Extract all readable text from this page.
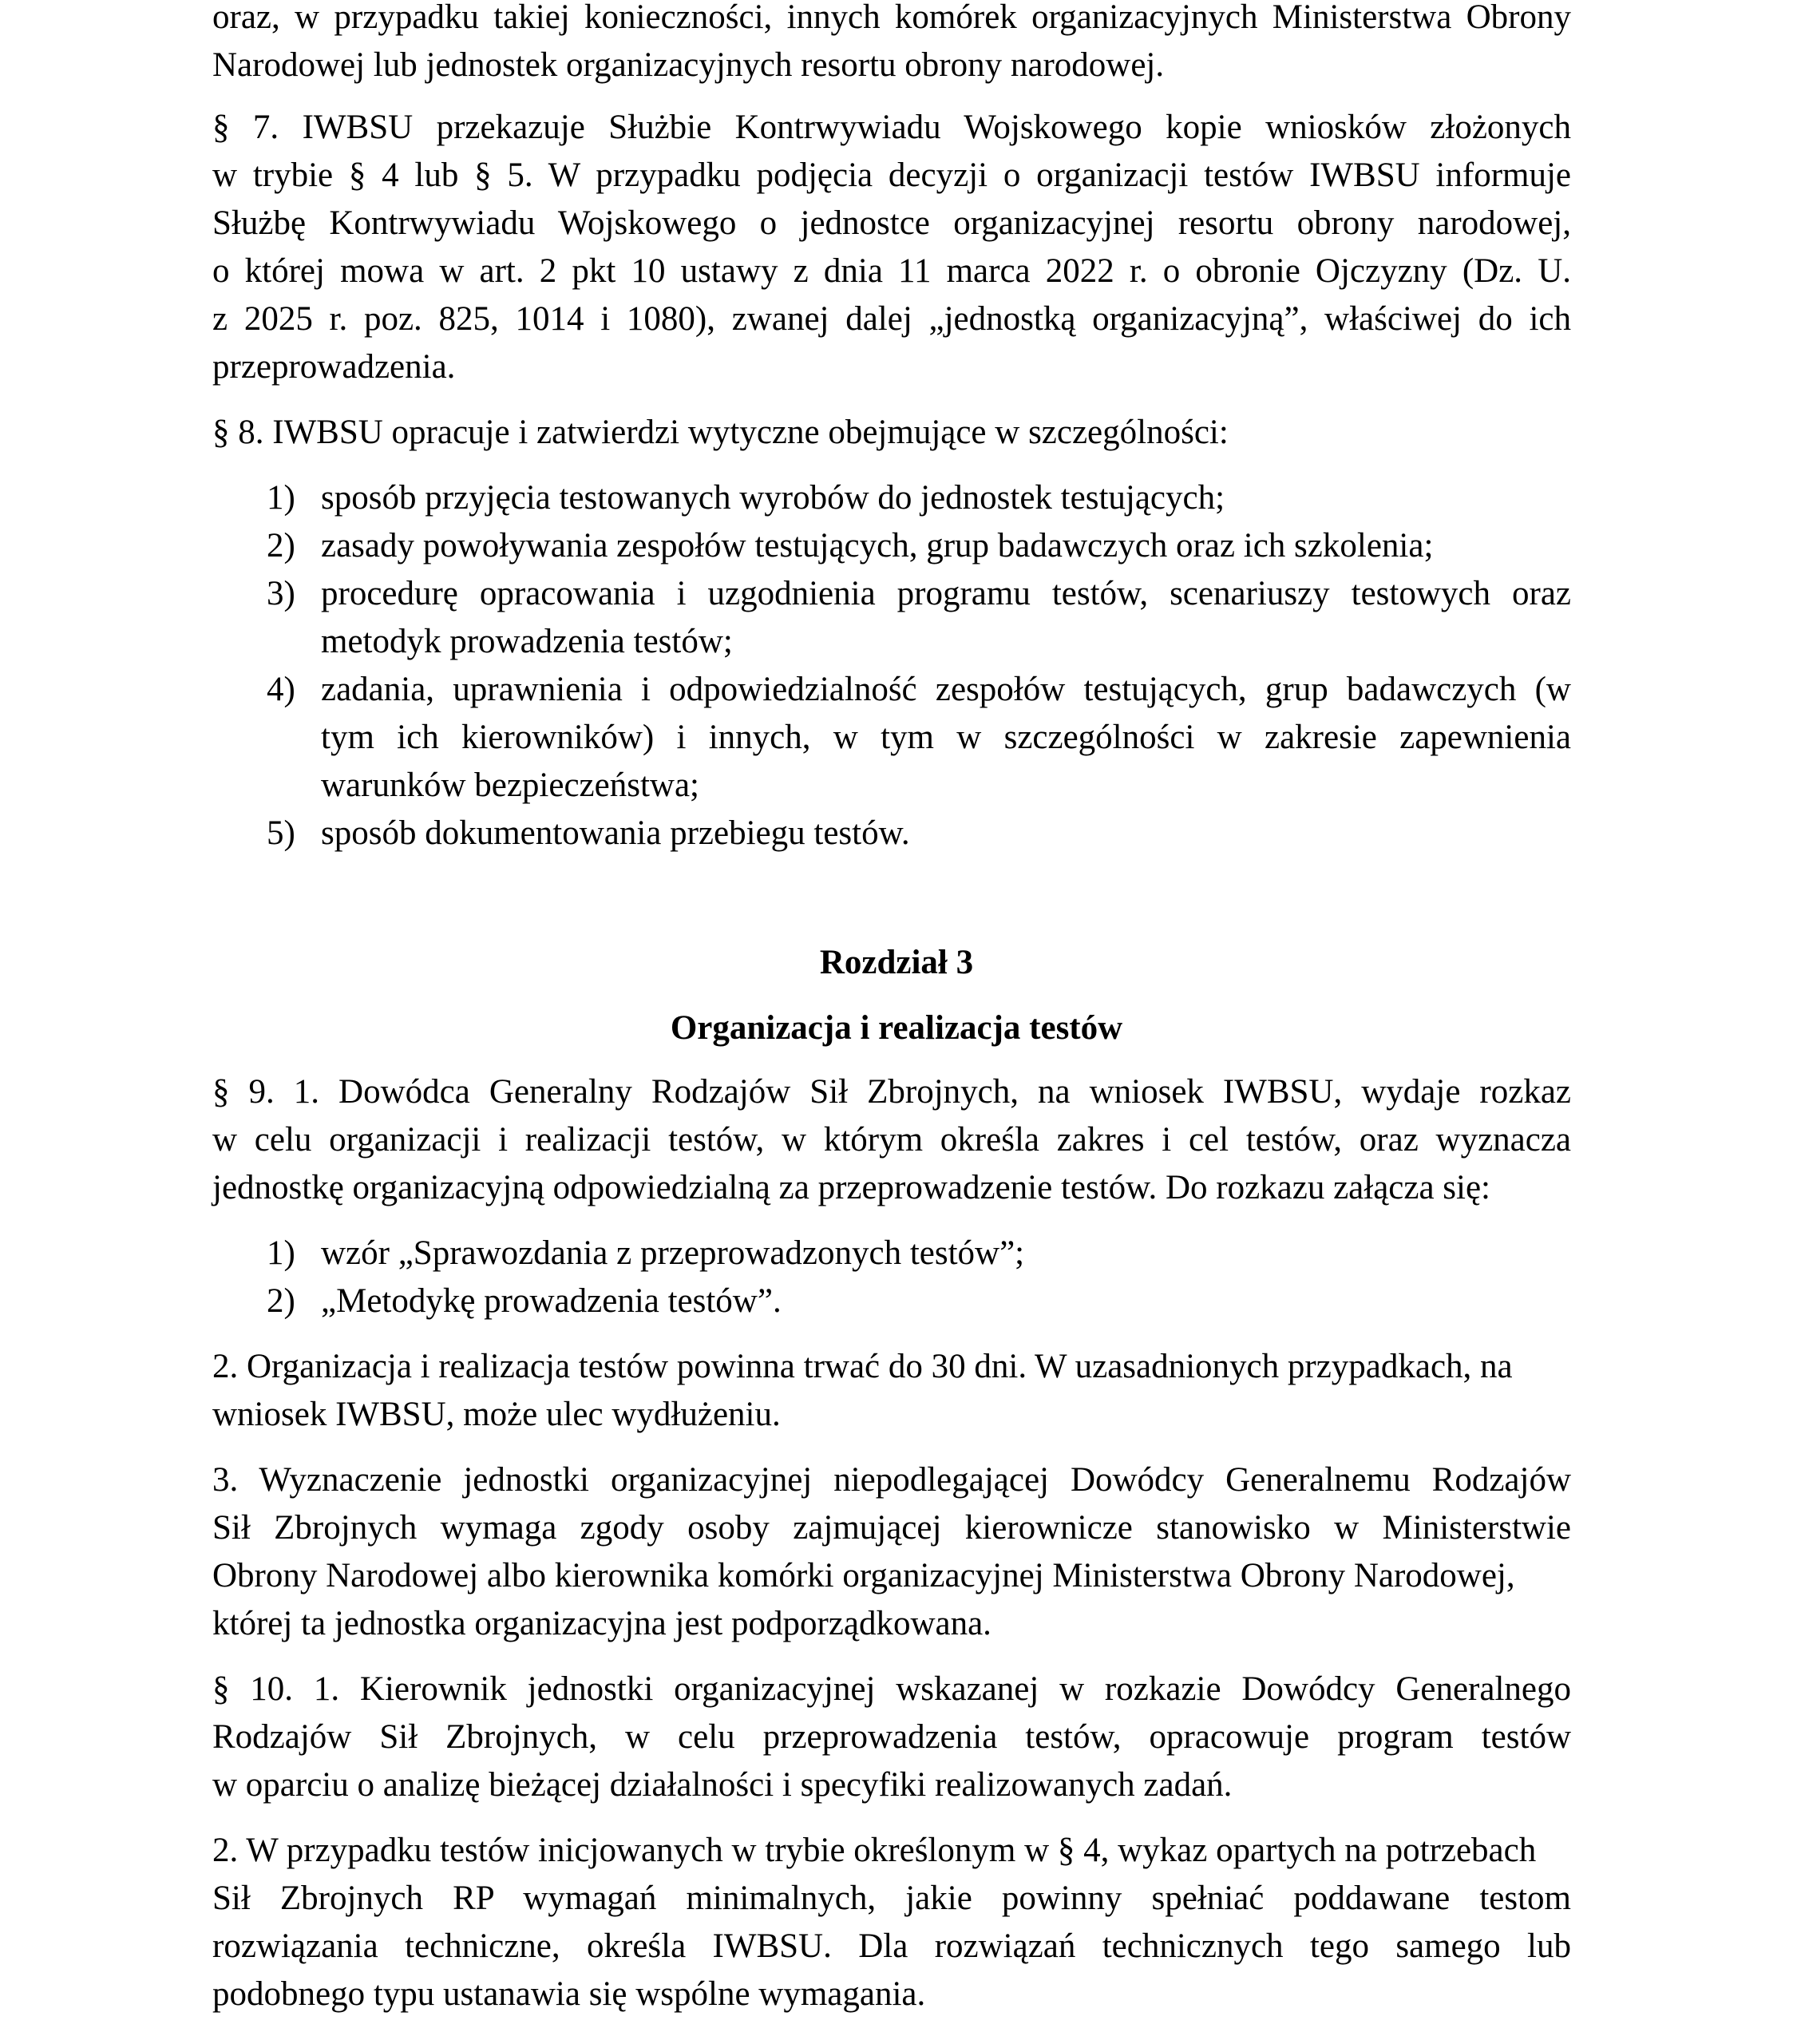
oraz, w przypadku takiej konieczności, innych komórek organizacyjnych Ministerstwa Obrony
Narodowej lub jednostek organizacyjnych resortu obrony narodowej.
§ 7. IWBSU przekazuje Służbie Kontrwywiadu Wojskowego kopie wniosków złożonych
w trybie § 4 lub § 5. W przypadku podjęcia decyzji o organizacji testów IWBSU informuje
Służbę Kontrwywiadu Wojskowego o jednostce organizacyjnej resortu obrony narodowej,
o której mowa w art. 2 pkt 10 ustawy z dnia 11 marca 2022 r. o obronie Ojczyzny (Dz. U.
z 2025 r. poz. 825, 1014 i 1080), zwanej dalej „jednostką organizacyjną”, właściwej do ich
przeprowadzenia.
§ 8. IWBSU opracuje i zatwierdzi wytyczne obejmujące w szczególności:
1) sposób przyjęcia testowanych wyrobów do jednostek testujących;
2) zasady powoływania zespołów testujących, grup badawczych oraz ich szkolenia;
3) procedurę opracowania i uzgodnienia programu testów, scenariuszy testowych oraz
metodyk prowadzenia testów;
4) zadania, uprawnienia i odpowiedzialność zespołów testujących, grup badawczych (w
tym ich kierowników) i innych, w tym w szczególności w zakresie zapewnienia
warunków bezpieczeństwa;
5) sposób dokumentowania przebiegu testów.
Rozdział 3
Organizacja i realizacja testów
§ 9. 1. Dowódca Generalny Rodzajów Sił Zbrojnych, na wniosek IWBSU, wydaje rozkaz
w celu organizacji i realizacji testów, w którym określa zakres i cel testów, oraz wyznacza
jednostkę organizacyjną odpowiedzialną za przeprowadzenie testów. Do rozkazu załącza się:
1) wzór „Sprawozdania z przeprowadzonych testów”;
2) „Metodykę prowadzenia testów”.
2. Organizacja i realizacja testów powinna trwać do 30 dni. W uzasadnionych przypadkach, na
wniosek IWBSU, może ulec wydłużeniu.
3. Wyznaczenie jednostki organizacyjnej niepodlegającej Dowódcy Generalnemu Rodzajów
Sił Zbrojnych wymaga zgody osoby zajmującej kierownicze stanowisko w Ministerstwie
Obrony Narodowej albo kierownika komórki organizacyjnej Ministerstwa Obrony Narodowej,
której ta jednostka organizacyjna jest podporządkowana.
§ 10. 1. Kierownik jednostki organizacyjnej wskazanej w rozkazie Dowódcy Generalnego
Rodzajów Sił Zbrojnych, w celu przeprowadzenia testów, opracowuje program testów
w oparciu o analizę bieżącej działalności i specyfiki realizowanych zadań.
2. W przypadku testów inicjowanych w trybie określonym w § 4, wykaz opartych na potrzebach
Sił Zbrojnych RP wymagań minimalnych, jakie powinny spełniać poddawane testom
rozwiązania techniczne, określa IWBSU. Dla rozwiązań technicznych tego samego lub
podobnego typu ustanawia się wspólne wymagania.
